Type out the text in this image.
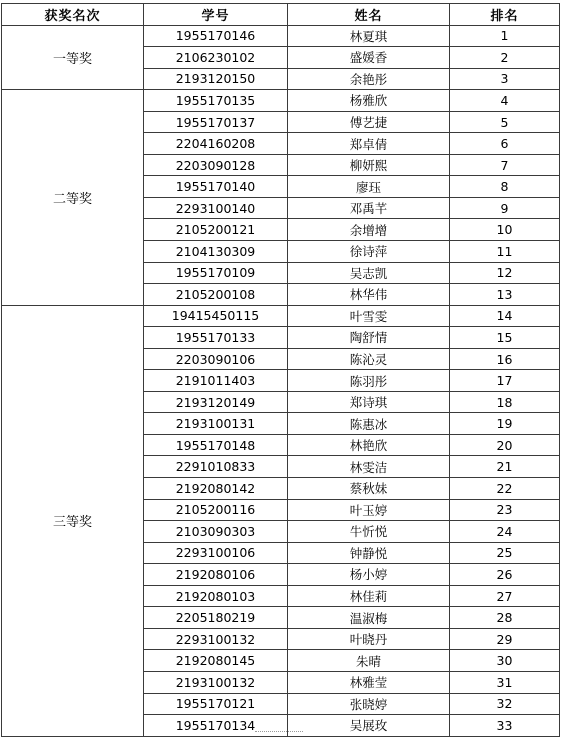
获奖名次	学号	姓名	排名
一等奖	1955170146	林夏琪	1
	2106230102	盛媛香	2
	2193120150	余艳彤	3
二等奖	1955170135	杨雅欣	4
	1955170137	傅艺捷	5
	2204160208	郑卓倩	6
	2203090128	柳妍熙	7
	1955170140	廖珏	8
	2293100140	邓禹芊	9
	2105200121	余增增	10
	2104130309	徐诗萍	11
	1955170109	吴志凯	12
	2105200108	林华伟	13
三等奖	19415450115	叶雪雯	14
	1955170133	陶舒情	15
	2203090106	陈沁灵	16
	2191011403	陈羽彤	17
	2193120149	郑诗琪	18
	2193100131	陈惠冰	19
	1955170148	林艳欣	20
	2291010833	林雯洁	21
	2192080142	蔡秋妹	22
	2105200116	叶玉婷	23
	2103090303	牛忻悦	24
	2293100106	钟静悦	25
	2192080106	杨小婷	26
	2192080103	林佳莉	27
	2205180219	温淑梅	28
	2293100132	叶晓丹	29
	2192080145	朱晴	30
	2193100132	林雅莹	31
	1955170121	张晓婷	32
	1955170134	吴展玫	33
